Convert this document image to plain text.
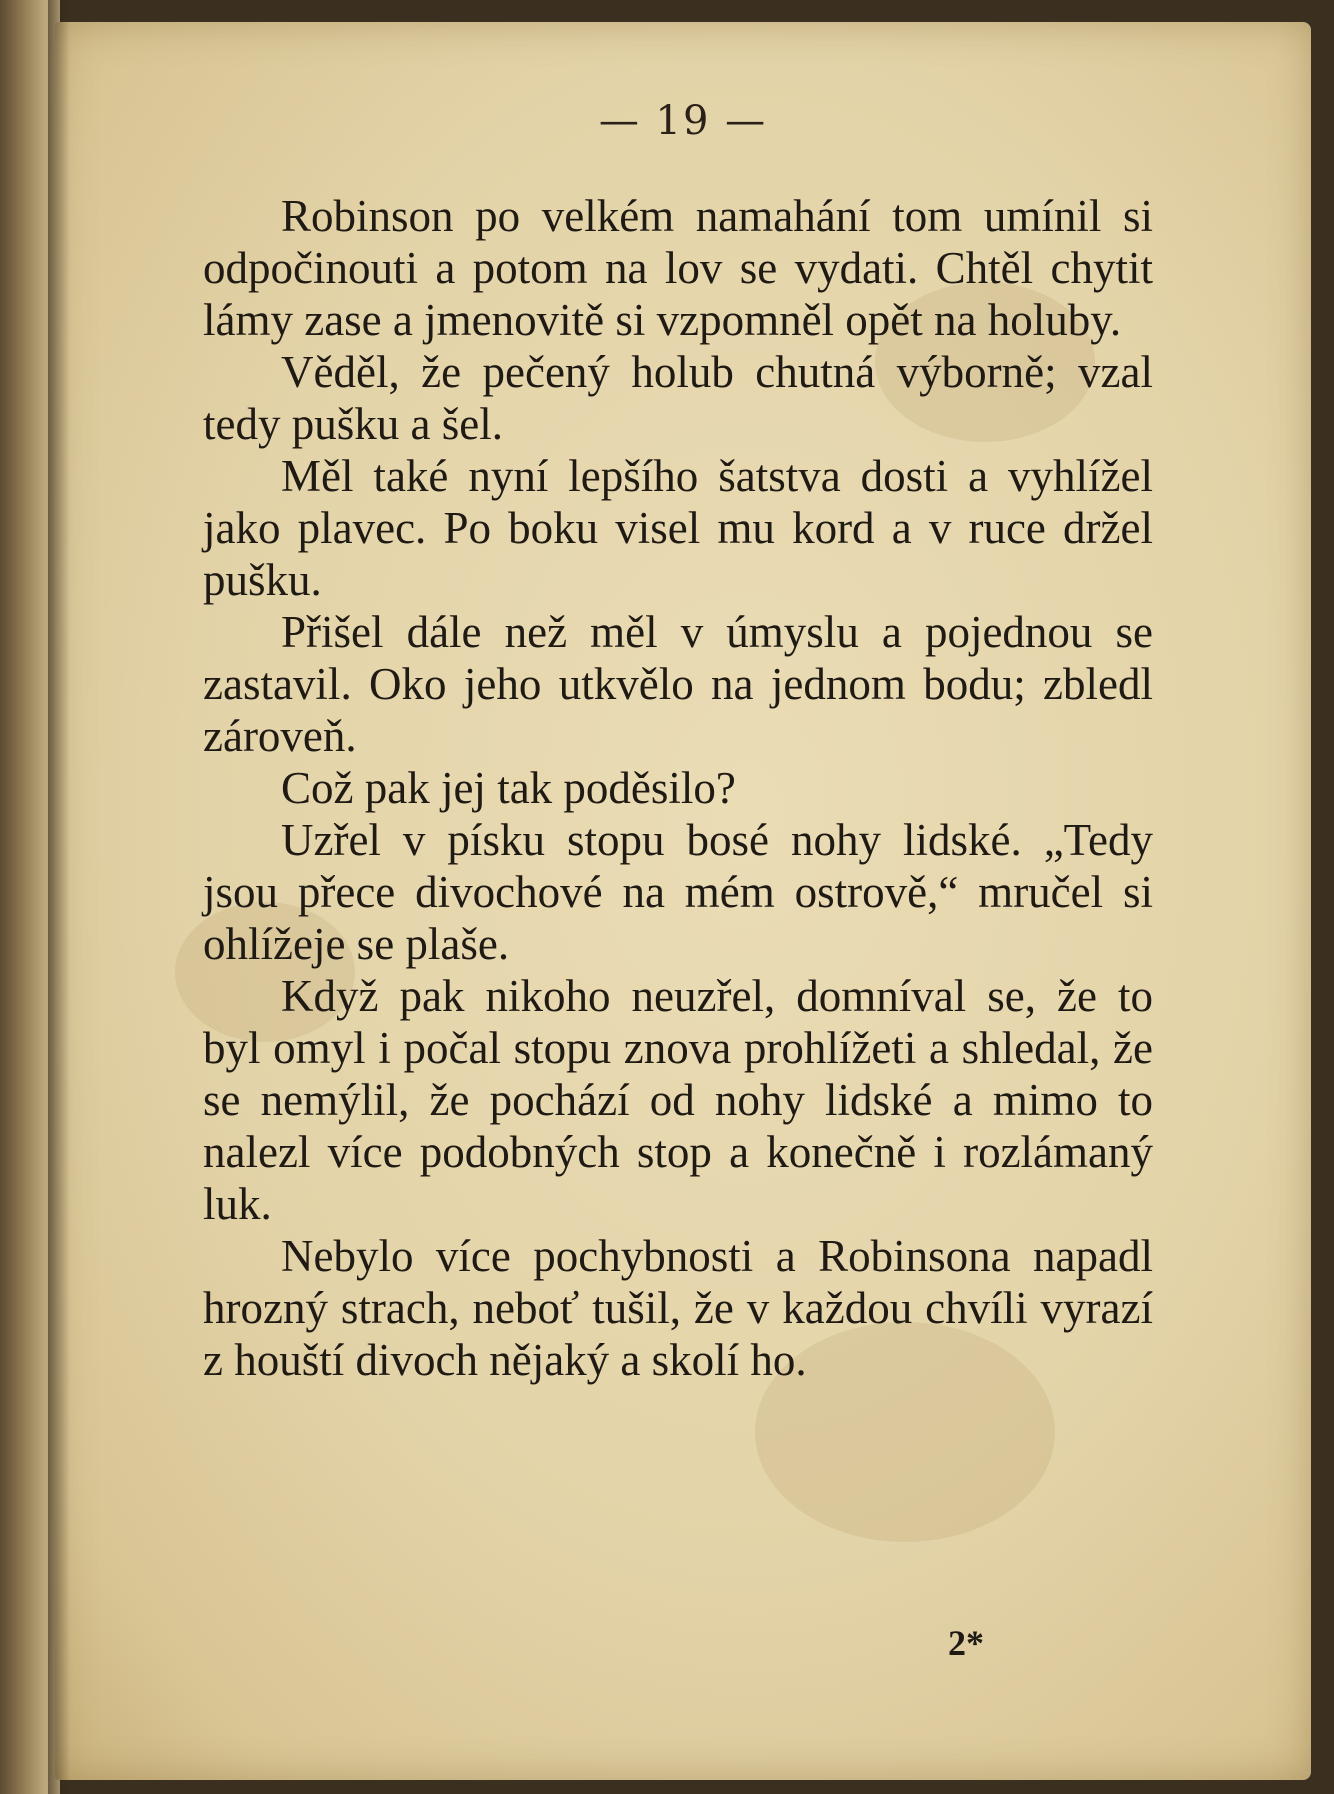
— 19 —

Robinson po velkém namahání tom umínil si odpočinouti a potom na lov se vydati. Chtěl chytit lámy zase a jmenovitě si vzpomněl opět na holuby.

Věděl, že pečený holub chutná výborně; vzal tedy pušku a šel.

Měl také nyní lepšího šatstva dosti a vyhlížel jako plavec. Po boku visel mu kord a v ruce držel pušku.

Přišel dále než měl v úmyslu a pojednou se zastavil. Oko jeho utkvělo na jednom bodu; zbledl zároveň.

Což pak jej tak poděsilo?

Uzřel v písku stopu bosé nohy lidské. „Tedy jsou přece divochové na mém ostrově,“ mručel si ohlížeje se plaše.

Když pak nikoho neuzřel, domníval se, že to byl omyl i počal stopu znova prohlížeti a shledal, že se nemýlil, že pochází od nohy lidské a mimo to nalezl více podobných stop a konečně i rozlámaný luk.

Nebylo více pochybnosti a Robinsona napadl hrozný strach, neboť tušil, že v každou chvíli vyrazí z houští divoch nějaký a skolí ho.

2*
